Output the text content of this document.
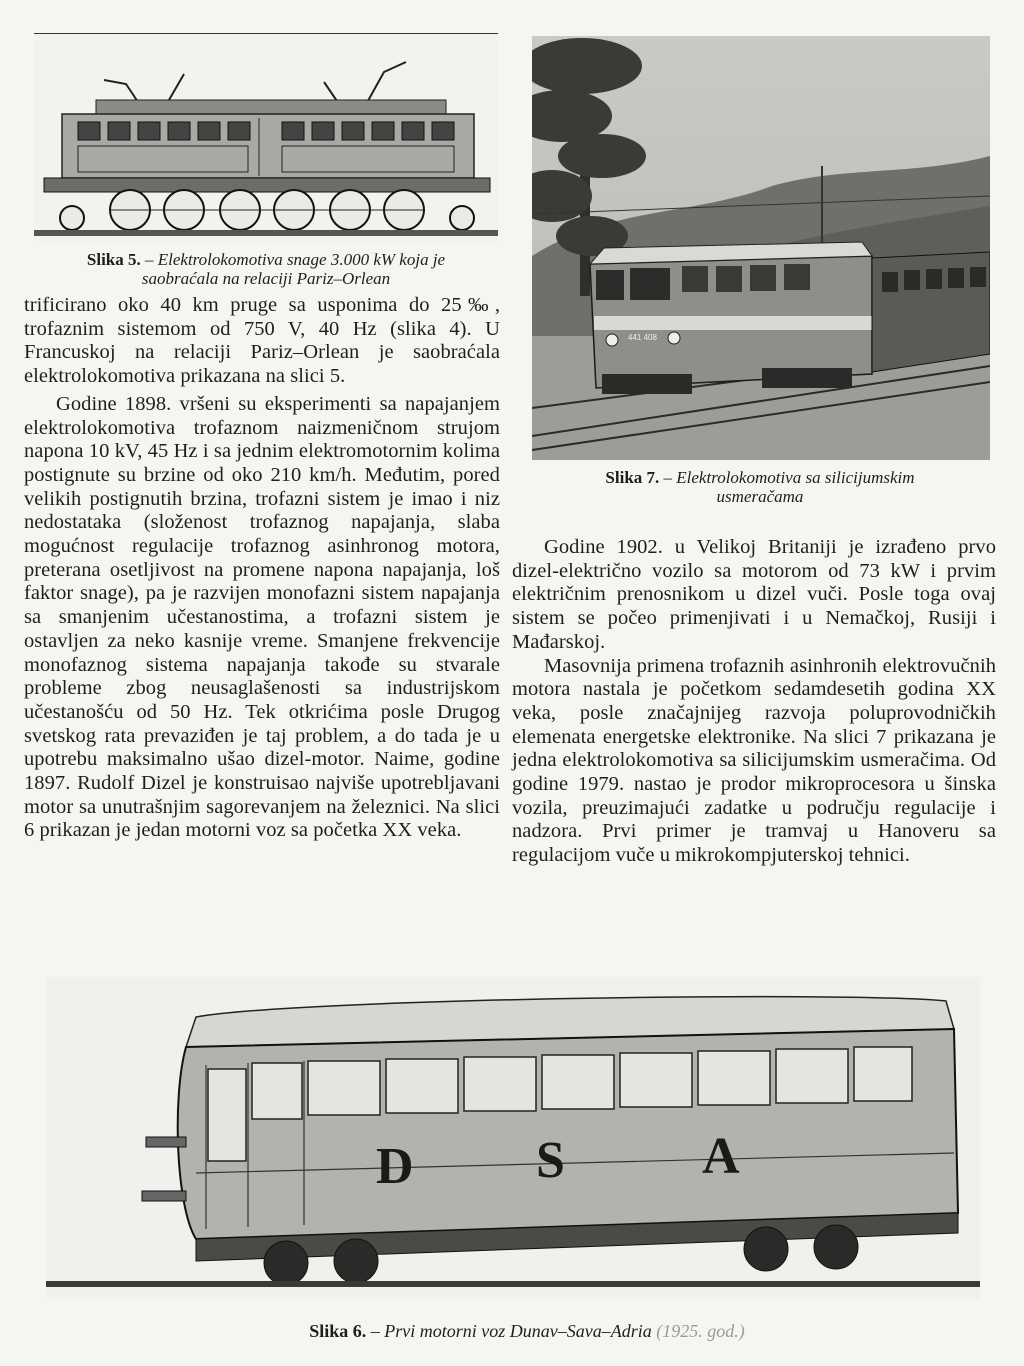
Slika 5. – Elektrolokomotiva snage 3.000 kW koja je
saobraćala na relaciji Pariz–Orlean

trificirano oko 40 km pruge sa usponima do 25‰, trofaznim sistemom od 750 V, 40 Hz (slika 4). U Francuskoj na relaciji Pariz–Orlean je saobraćala elektrolokomotiva prikazana na slici 5.

Godine 1898. vršeni su eksperimenti sa napajanjem elektrolokomotiva trofaznom naizmeničnom strujom napona 10 kV, 45 Hz i sa jednim elektromotornim kolima postignute su brzine od oko 210 km/h. Međutim, pored velikih postignutih brzina, trofazni sistem je imao i niz nedostataka (složenost trofaznog napajanja, slaba mogućnost regulacije trofaznog asinhronog motora, preterana osetljivost na promene napona napajanja, loš faktor snage), pa je razvijen monofazni sistem napajanja sa smanjenim učestanostima, a trofazni sistem je ostavljen za neko kasnije vreme. Smanjene frekvencije monofaznog sistema napajanja takođe su stvarale probleme zbog neusaglašenosti sa industrijskom učestanošću od 50 Hz. Tek otkrićima posle Drugog svetskog rata prevaziđen je taj problem, a do tada je u upotrebu maksimalno ušao dizel-motor. Naime, godine 1897. Rudolf Dizel je konstruisao najviše upotrebljavani motor sa unutrašnjim sagorevanjem na železnici. Na slici 6 prikazan je jedan motorni voz sa početka XX veka.

441 408
Slika 7. – Elektrolokomotiva sa silicijumskim
usmeračama

Godine 1902. u Velikoj Britaniji je izrađeno prvo dizel-električno vozilo sa motorom od 73 kW i prvim električnim prenosnikom u dizel vuči. Posle toga ovaj sistem se počeo primenjivati i u Nemačkoj, Rusiji i Mađarskoj.

Masovnija primena trofaznih asinhronih elektrovučnih motora nastala je početkom sedamdesetih godina XX veka, posle značajnijeg razvoja poluprovodničkih elemenata energetske elektronike. Na slici 7 prikazana je jedna elektrolokomotiva sa silicijumskim usmeračima. Od godine 1979. nastao je prodor mikroprocesora u šinska vozila, preuzimajući zadatke u području regulacije i nadzora. Prvi primer je tramvaj u Hanoveru sa regulacijom vuče u mikrokompjuterskoj tehnici.

D S	A
Slika 6. – Prvi motorni voz Dunav–Sava–Adria (1925. god.)
